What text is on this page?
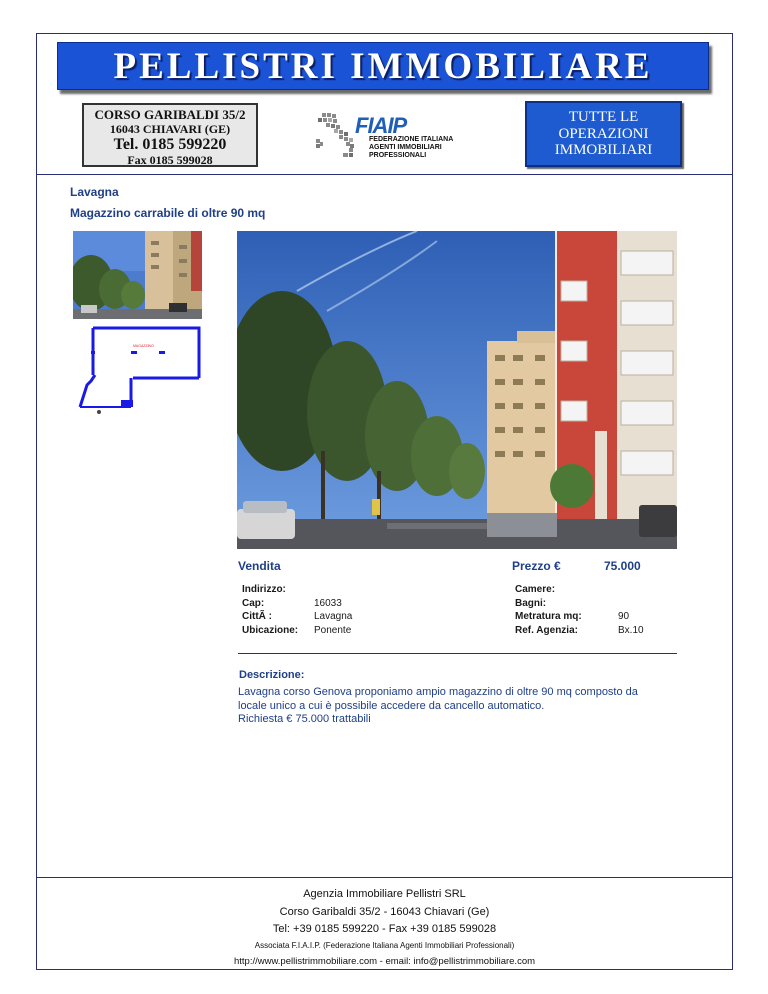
PELLISTRI IMMOBILIARE
CORSO GARIBALDI 35/2
16043 CHIAVARI (GE)
Tel. 0185 599220
Fax 0185 599028
FIAIP
FEDERAZIONE ITALIANA
AGENTI IMMOBILIARI
PROFESSIONALI
TUTTE LE
OPERAZIONI
IMMOBILIARI
Lavagna
Magazzino carrabile di oltre 90 mq
MAGAZZINO
Vendita	Prezzo €	75.000
Indirizzo:
Cap:
CittÃ :
Ubicazione:
16033
Lavagna
Ponente
Camere:
Bagni:
Metratura mq:
Ref. Agenzia:
90
Bx.10
Descrizione:
Lavagna corso Genova proponiamo ampio magazzino di oltre 90 mq composto da
locale unico a cui è possibile accedere da cancello automatico.
Richiesta € 75.000 trattabili
Agenzia Immobiliare Pellistri SRL
Corso Garibaldi 35/2 - 16043 Chiavari (Ge)
Tel: +39 0185 599220 - Fax +39 0185 599028
Associata F.I.A.I.P. (Federazione Italiana Agenti Immobiliari Professionali)
http://www.pellistrimmobiliare.com - email: info@pellistrimmobiliare.com
